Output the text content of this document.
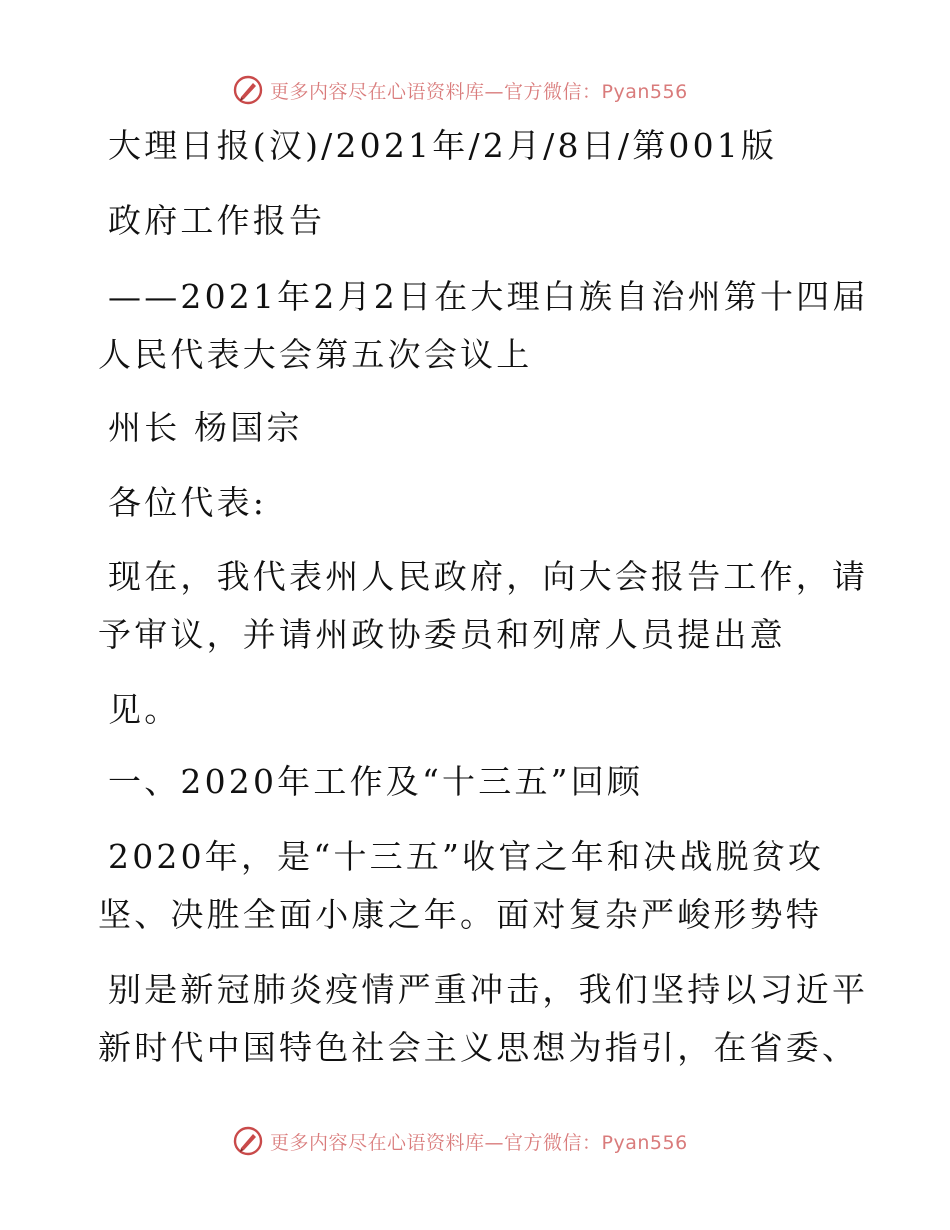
更多内容尽在心语资料库—官方微信：Pyan556

大理日报(汉)/2021年/2月/8日/第001版

政府工作报告

——2021年2月2日在大理白族自治州第十四届

人民代表大会第五次会议上

州长 杨国宗

各位代表:

现在，我代表州人民政府，向大会报告工作，请

予审议，并请州政协委员和列席人员提出意

见。

一、2020年工作及“十三五”回顾

2020年，是“十三五”收官之年和决战脱贫攻

坚、决胜全面小康之年。面对复杂严峻形势特

别是新冠肺炎疫情严重冲击，我们坚持以习近平

新时代中国特色社会主义思想为指引，在省委、

更多内容尽在心语资料库—官方微信：Pyan556
